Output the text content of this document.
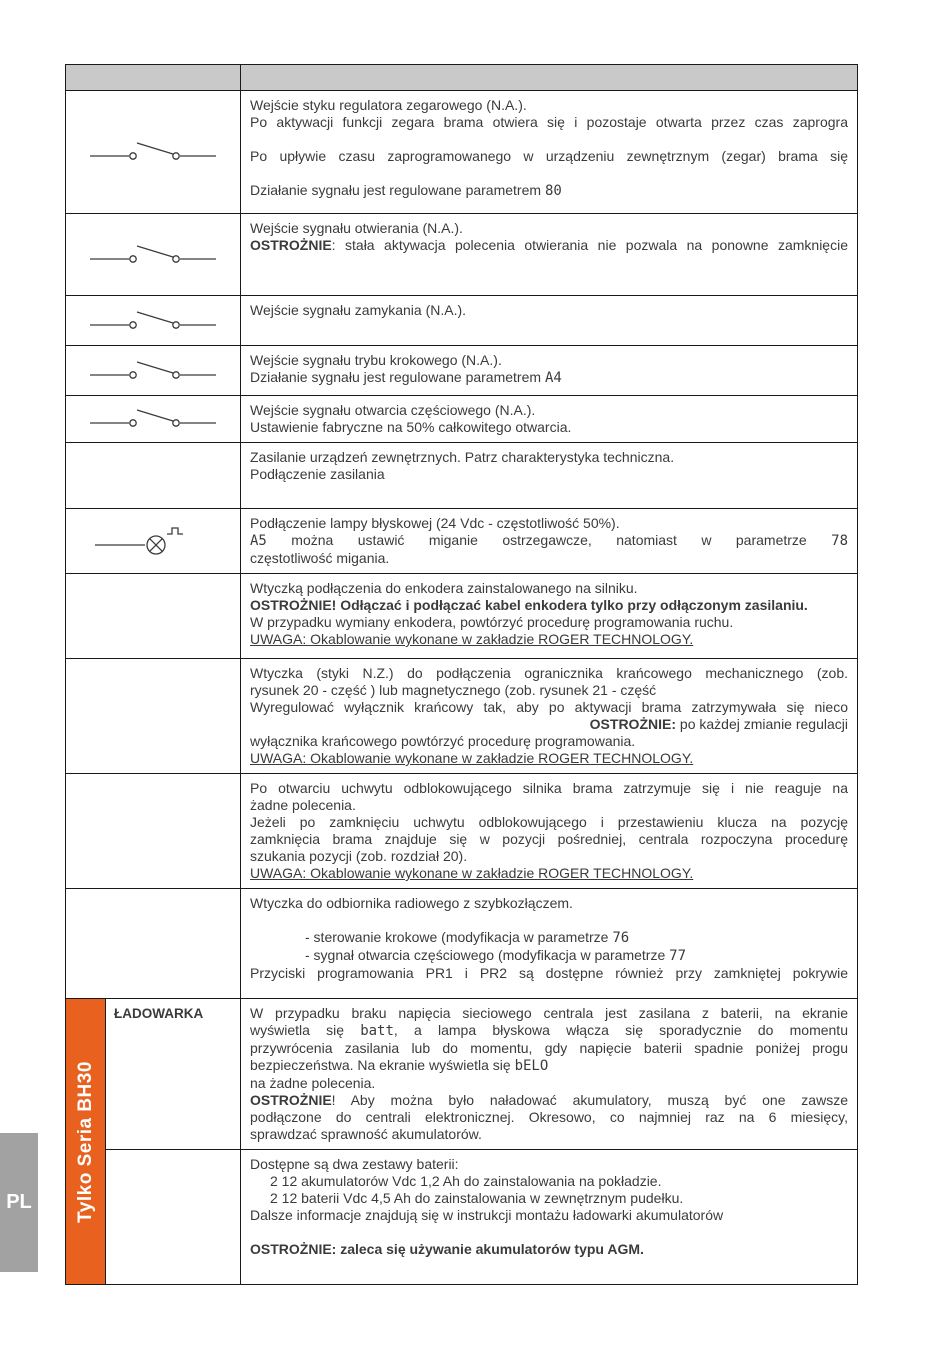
Wejście styku regulatora zegarowego (N.A.).
Po aktywacji funkcji zegara brama otwiera się i pozostaje otwarta przez czas zaprogra
Po upływie czasu zaprogramowanego w urządzeniu zewnętrznym (zegar) brama się
Działanie sygnału jest regulowane parametrem 80
Wejście sygnału otwierania (N.A.).
OSTROŻNIE: stała aktywacja polecenia otwierania nie pozwala na ponowne zamknięcie
Wejście sygnału zamykania (N.A.).
Wejście sygnału trybu krokowego (N.A.).
Działanie sygnału jest regulowane parametrem A4
Wejście sygnału otwarcia częściowego (N.A.).
Ustawienie fabryczne na 50% całkowitego otwarcia.
Zasilanie urządzeń zewnętrznych. Patrz charakterystyka techniczna.
Podłączenie zasilania
Podłączenie lampy błyskowej (24 Vdc - częstotliwość 50%).
A5 można ustawić miganie ostrzegawcze, natomiast w parametrze 78
częstotliwość migania.
Wtyczką podłączenia do enkodera zainstalowanego na silniku.
OSTROŻNIE! Odłączać i podłączać kabel enkodera tylko przy odłączonym zasilaniu.
W przypadku wymiany enkodera, powtórzyć procedurę programowania ruchu.
UWAGA: Okablowanie wykonane w zakładzie ROGER TECHNOLOGY.
Wtyczka (styki N.Z.) do podłączenia ogranicznika krańcowego mechanicznego (zob.
rysunek 20 - część ) lub magnetycznego (zob. rysunek 21 - część
Wyregulować wyłącznik krańcowy tak, aby po aktywacji brama zatrzymywała się nieco
OSTROŻNIE: po każdej zmianie regulacji
wyłącznika krańcowego powtórzyć procedurę programowania.
UWAGA: Okablowanie wykonane w zakładzie ROGER TECHNOLOGY.
Po otwarciu uchwytu odblokowującego silnika brama zatrzymuje się i nie reaguje na
żadne polecenia.
Jeżeli po zamknięciu uchwytu odblokowującego i przestawieniu klucza na pozycję
zamknięcia brama znajduje się w pozycji pośredniej, centrala rozpoczyna procedurę
szukania pozycji (zob. rozdział 20).
UWAGA: Okablowanie wykonane w zakładzie ROGER TECHNOLOGY.
Wtyczka do odbiornika radiowego z szybkozłączem.
- sterowanie krokowe (modyfikacja w parametrze 76
- sygnał otwarcia częściowego (modyfikacja w parametrze 77
Przyciski programowania PR1 i PR2 są dostępne również przy zamkniętej pokrywie
Tylko Seria BH30
ŁADOWARKA	W przypadku braku napięcia sieciowego centrala jest zasilana z baterii, na ekranie
wyświetla się batt, a lampa błyskowa włącza się sporadycznie do momentu
przywrócenia zasilania lub do momentu, gdy napięcie baterii spadnie poniżej progu
bezpieczeństwa. Na ekranie wyświetla się bELO
na żadne polecenia.
OSTROŻNIE! Aby można było naładować akumulatory, muszą być one zawsze
podłączone do centrali elektronicznej. Okresowo, co najmniej raz na 6 miesięcy,
sprawdzać sprawność akumulatorów.
Dostępne są dwa zestawy baterii:
2 12 akumulatorów Vdc 1,2 Ah do zainstalowania na pokładzie.
2 12 baterii Vdc 4,5 Ah do zainstalowania w zewnętrznym pudełku.
Dalsze informacje znajdują się w instrukcji montażu ładowarki akumulatorów
OSTROŻNIE: zaleca się używanie akumulatorów typu AGM.
PL
